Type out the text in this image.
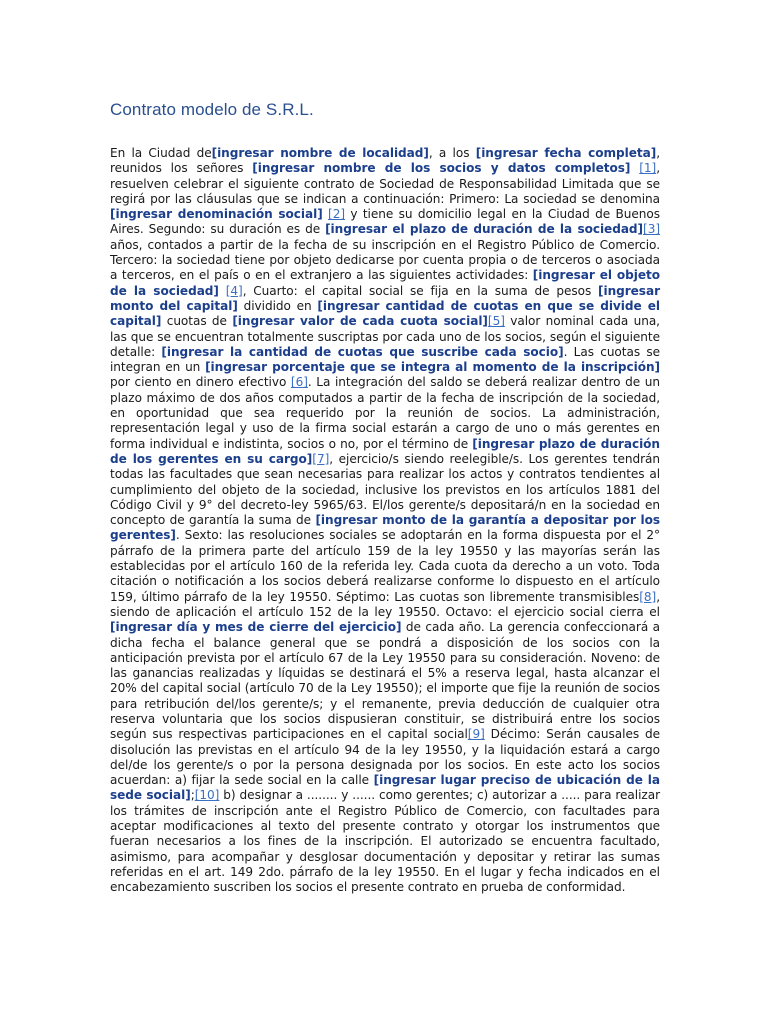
Contrato modelo de S.R.L.

En la Ciudad de[ingresar nombre de localidad], a los [ingresar fecha completa], reunidos los señores [ingresar nombre de los socios y datos completos] [1], resuelven celebrar el siguiente contrato de Sociedad de Responsabilidad Limitada que se regirá por las cláusulas que se indican a continuación: Primero: La sociedad se denomina [ingresar denominación social] [2] y tiene su domicilio legal en la Ciudad de Buenos Aires. Segundo: su duración es de [ingresar el plazo de duración de la sociedad][3] años, contados a partir de la fecha de su inscripción en el Registro Público de Comercio. Tercero: la sociedad tiene por objeto dedicarse por cuenta propia o de terceros o asociada a terceros, en el país o en el extranjero a las siguientes actividades: [ingresar el objeto de la sociedad] [4], Cuarto: el capital social se fija en la suma de pesos [ingresar monto del capital] dividido en [ingresar cantidad de cuotas en que se divide el capital] cuotas de [ingresar valor de cada cuota social][5] valor nominal cada una, las que se encuentran totalmente suscriptas por cada uno de los socios, según el siguiente detalle: [ingresar la cantidad de cuotas que suscribe cada socio]. Las cuotas se integran en un [ingresar porcentaje que se integra al momento de la inscripción] por ciento en dinero efectivo [6]. La integración del saldo se deberá realizar dentro de un plazo máximo de dos años computados a partir de la fecha de inscripción de la sociedad, en oportunidad que sea requerido por la reunión de socios. La administración, representación legal y uso de la firma social estarán a cargo de uno o más gerentes en forma individual e indistinta, socios o no, por el término de [ingresar plazo de duración de los gerentes en su cargo][7], ejercicio/s siendo reelegible/s. Los gerentes tendrán todas las facultades que sean necesarias para realizar los actos y contratos tendientes al cumplimiento del objeto de la sociedad, inclusive los previstos en los artículos 1881 del Código Civil y 9° del decreto-ley 5965/63. El/los gerente/s depositará/n en la sociedad en concepto de garantía la suma de [ingresar monto de la garantía a depositar por los gerentes]. Sexto: las resoluciones sociales se adoptarán en la forma dispuesta por el 2° párrafo de la primera parte del artículo 159 de la ley 19550 y las mayorías serán las establecidas por el artículo 160 de la referida ley. Cada cuota da derecho a un voto. Toda citación o notificación a los socios deberá realizarse conforme lo dispuesto en el artículo 159, último párrafo de la ley 19550. Séptimo: Las cuotas son libremente transmisibles[8], siendo de aplicación el artículo 152 de la ley 19550. Octavo: el ejercicio social cierra el [ingresar día y mes de cierre del ejercicio] de cada año. La gerencia confeccionará a dicha fecha el balance general que se pondrá a disposición de los socios con la anticipación prevista por el artículo 67 de la Ley 19550 para su consideración. Noveno: de las ganancias realizadas y líquidas se destinará el 5% a reserva legal, hasta alcanzar el 20% del capital social (artículo 70 de la Ley 19550); el importe que fije la reunión de socios para retribución del/los gerente/s; y el remanente, previa deducción de cualquier otra reserva voluntaria que los socios dispusieran constituir, se distribuirá entre los socios según sus respectivas participaciones en el capital social[9] Décimo: Serán causales de disolución las previstas en el artículo 94 de la ley 19550, y la liquidación estará a cargo del/de los gerente/s o por la persona designada por los socios. En este acto los socios acuerdan: a) fijar la sede social en la calle [ingresar lugar preciso de ubicación de la sede social];[10] b) designar a ........ y ...... como gerentes; c) autorizar a ..... para realizar los trámites de inscripción ante el Registro Público de Comercio, con facultades para aceptar modificaciones al texto del presente contrato y otorgar los instrumentos que fueran necesarios a los fines de la inscripción. El autorizado se encuentra facultado, asimismo, para acompañar y desglosar documentación y depositar y retirar las sumas referidas en el art. 149 2do. párrafo de la ley 19550. En el lugar y fecha indicados en el encabezamiento suscriben los socios el presente contrato en prueba de conformidad.
